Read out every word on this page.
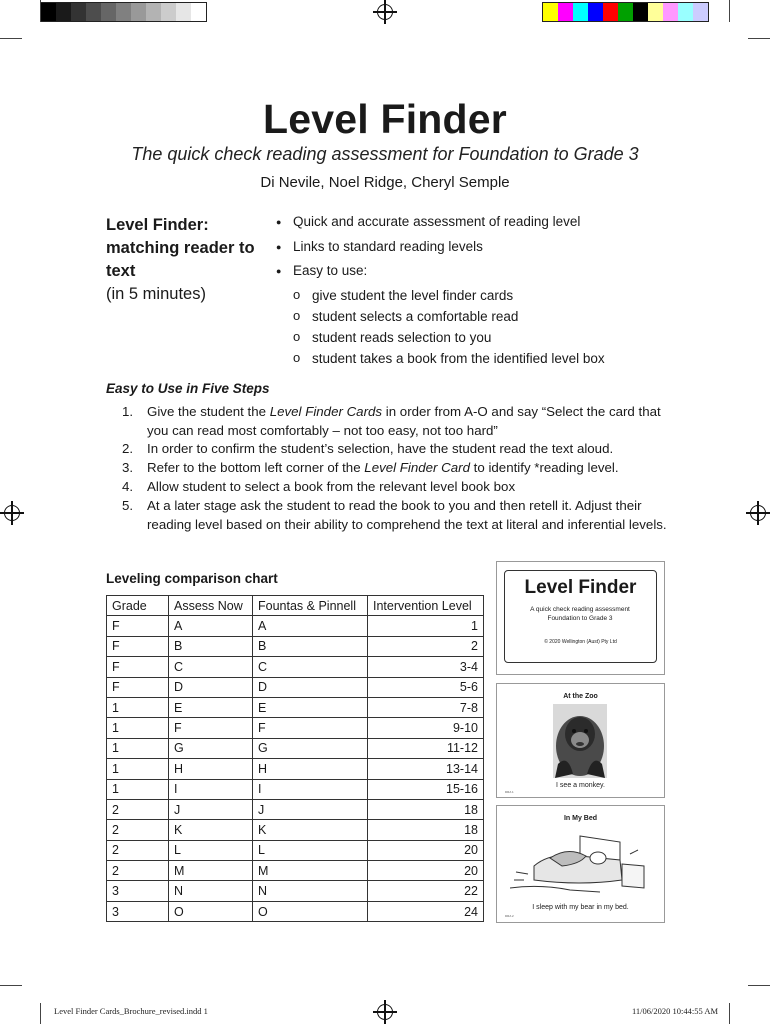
Level Finder
The quick check reading assessment for Foundation to Grade 3
Di Nevile, Noel Ridge, Cheryl Semple
Level Finder: matching reader to text
(in 5 minutes)
● Quick and accurate assessment of reading level
● Links to standard reading levels
● Easy to use:
o give student the level finder cards
o student selects a comfortable read
o student reads selection to you
o student takes a book from the identified level box
Easy to Use in Five Steps
1. Give the student the Level Finder Cards in order from A-O and say “Select the card that you can read most comfortably – not too easy, not too hard”
2. In order to confirm the student’s selection, have the student read the text aloud.
3. Refer to the bottom left corner of the Level Finder Card to identify *reading level.
4. Allow student to select a book from the relevant level book box
5. At a later stage ask the student to read the book to you and then retell it. Adjust their reading level based on their ability to comprehend the text at literal and inferential levels.
Leveling comparison chart
Grade	Assess Now	Fountas & Pinnell	Intervention Level
F	A	A	1
F	B	B	2
F	C	C	3-4
F	D	D	5-6
1	E	E	7-8
1	F	F	9-10
1	G	G	11-12
1	H	H	13-14
1	I	I	15-16
2	J	J	18
2	K	K	18
2	L	L	20
2	M	M	20
3	N	N	22
3	O	O	24
Level Finder
A quick check reading assessment Foundation to Grade 3
© 2020 Wellington (Aust) Pty Ltd
At the Zoo
I see a monkey.
DRA 1
In My Bed
I sleep with my bear in my bed.
DRA 2
Level Finder Cards_Brochure_revised.indd 1	11/06/2020 10:44:55 AM
